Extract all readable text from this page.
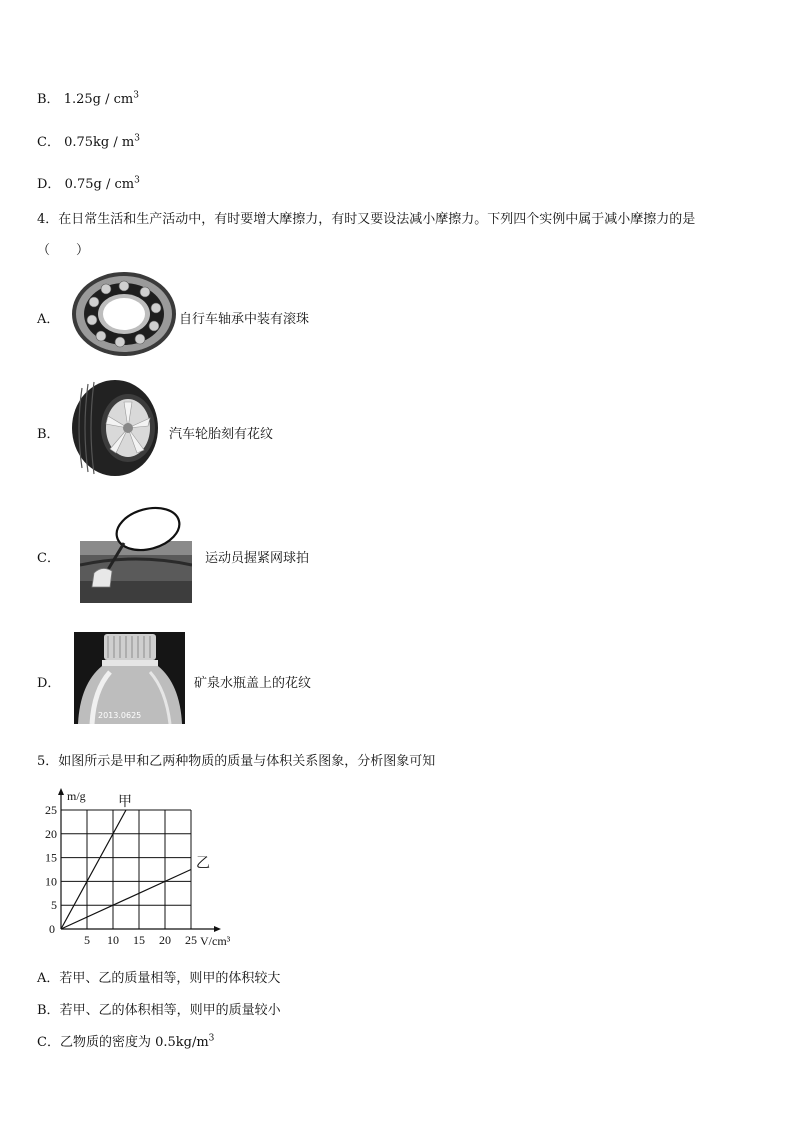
B． $1.25g / cm^3$
C． $0.75kg / m^3$
D． $0.75g / cm^3$
4．在日常生活和生产活动中，有时要增大摩擦力，有时又要设法减小摩擦力。下列四个实例中属于减小摩擦力的是
（　　）
A．	自行车轴承中装有滚珠
B．	汽车轮胎刻有花纹
C．	运动员握紧网球拍
D．
2013.0625
矿泉水瓶盖上的花纹
5．如图所示是甲和乙两种物质的质量与体积关系图象，分析图象可知
5 10 15 20 25
5
10
15
20
25	甲
乙
m/g
V/cm³
0
A．若甲、乙的质量相等，则甲的体积较大
B．若甲、乙的体积相等，则甲的质量较小
C．乙物质的密度为 $0.5kg/m^3$
